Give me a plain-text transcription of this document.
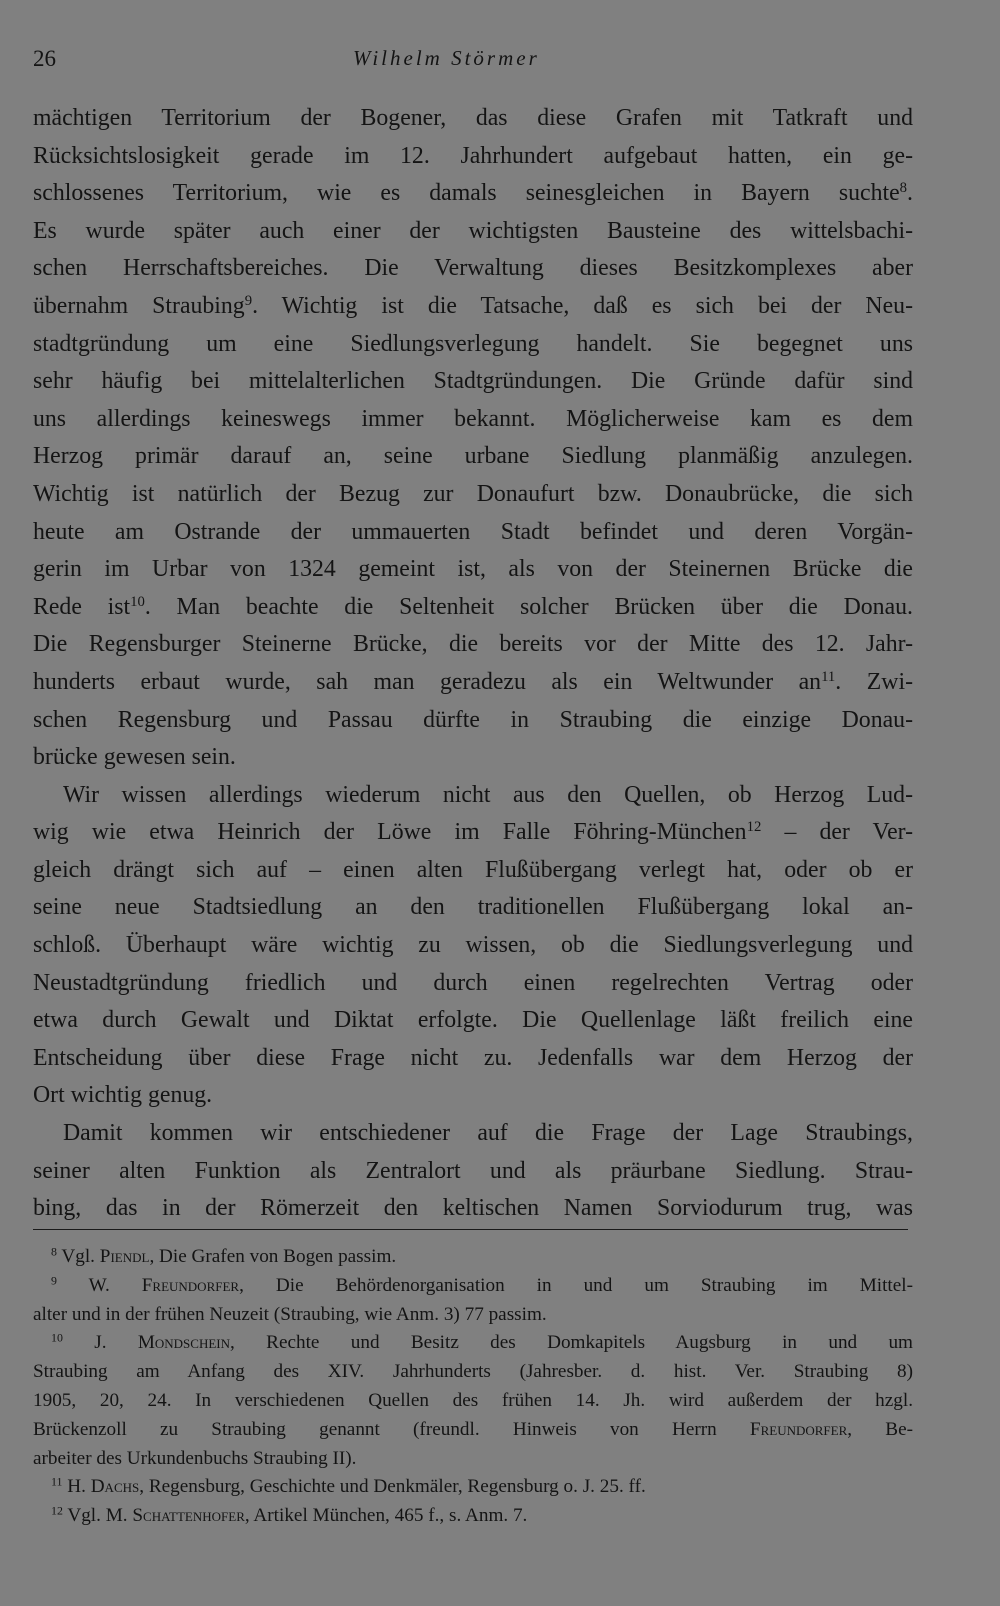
26	Wilhelm Störmer
mächtigen Territorium der Bogener, das diese Grafen mit Tatkraft und
Rücksichtslosigkeit gerade im 12. Jahrhundert aufgebaut hatten, ein ge-
schlossenes Territorium, wie es damals seinesgleichen in Bayern suchte$^8$.
Es wurde später auch einer der wichtigsten Bausteine des wittelsbachi-
schen Herrschaftsbereiches. Die Verwaltung dieses Besitzkomplexes aber
übernahm Straubing$^9$. Wichtig ist die Tatsache, daß es sich bei der Neu-
stadtgründung um eine Siedlungsverlegung handelt. Sie begegnet uns
sehr häufig bei mittelalterlichen Stadtgründungen. Die Gründe dafür sind
uns allerdings keineswegs immer bekannt. Möglicherweise kam es dem
Herzog primär darauf an, seine urbane Siedlung planmäßig anzulegen.
Wichtig ist natürlich der Bezug zur Donaufurt bzw. Donaubrücke, die sich
heute am Ostrande der ummauerten Stadt befindet und deren Vorgän-
gerin im Urbar von 1324 gemeint ist, als von der Steinernen Brücke die
Rede ist$^{10}$. Man beachte die Seltenheit solcher Brücken über die Donau.
Die Regensburger Steinerne Brücke, die bereits vor der Mitte des 12. Jahr-
hunderts erbaut wurde, sah man geradezu als ein Weltwunder $an^{11}$. Zwi-
schen Regensburg und Passau dürfte in Straubing die einzige Donau-
brücke gewesen sein.
Wir wissen allerdings wiederum nicht aus den Quellen, ob Herzog Lud-
wig wie etwa Heinrich der Löwe im Falle Föhring-München$^{12}$ – der Ver-
gleich drängt sich auf – einen alten Flußübergang verlegt hat, oder ob er
seine neue Stadtsiedlung an den traditionellen Flußübergang lokal an-
schloß. Überhaupt wäre wichtig zu wissen, ob die Siedlungsverlegung und
Neustadtgründung friedlich und durch einen regelrechten Vertrag oder
etwa durch Gewalt und Diktat erfolgte. Die Quellenlage läßt freilich eine
Entscheidung über diese Frage nicht zu. Jedenfalls war dem Herzog der
Ort wichtig genug.
Damit kommen wir entschiedener auf die Frage der Lage Straubings,
seiner alten Funktion als Zentralort und als präurbane Siedlung. Strau-
bing, das in der Römerzeit den keltischen Namen Sorviodurum trug, was
$^8$ Vgl. Piendl, Die Grafen von Bogen passim.
$^9$ W. Freundorfer, Die Behördenorganisation in und um Straubing im Mittel-
alter und in der frühen Neuzeit (Straubing, wie Anm. 3) 77 passim.
$^{10}$ J. Mondschein, Rechte und Besitz des Domkapitels Augsburg in und um
Straubing am Anfang des XIV. Jahrhunderts (Jahresber. d. hist. Ver. Straubing 8)
1905, 20, 24. In verschiedenen Quellen des frühen 14. Jh. wird außerdem der hzgl.
Brückenzoll zu Straubing genannt (freundl. Hinweis von Herrn Freundorfer, Be-
arbeiter des Urkundenbuchs Straubing II).
$^{11}$ H. Dachs, Regensburg, Geschichte und Denkmäler, Regensburg o. J. 25. ff.
$^{12}$ Vgl. M. Schattenhofer, Artikel München, 465 f., s. Anm. 7.
